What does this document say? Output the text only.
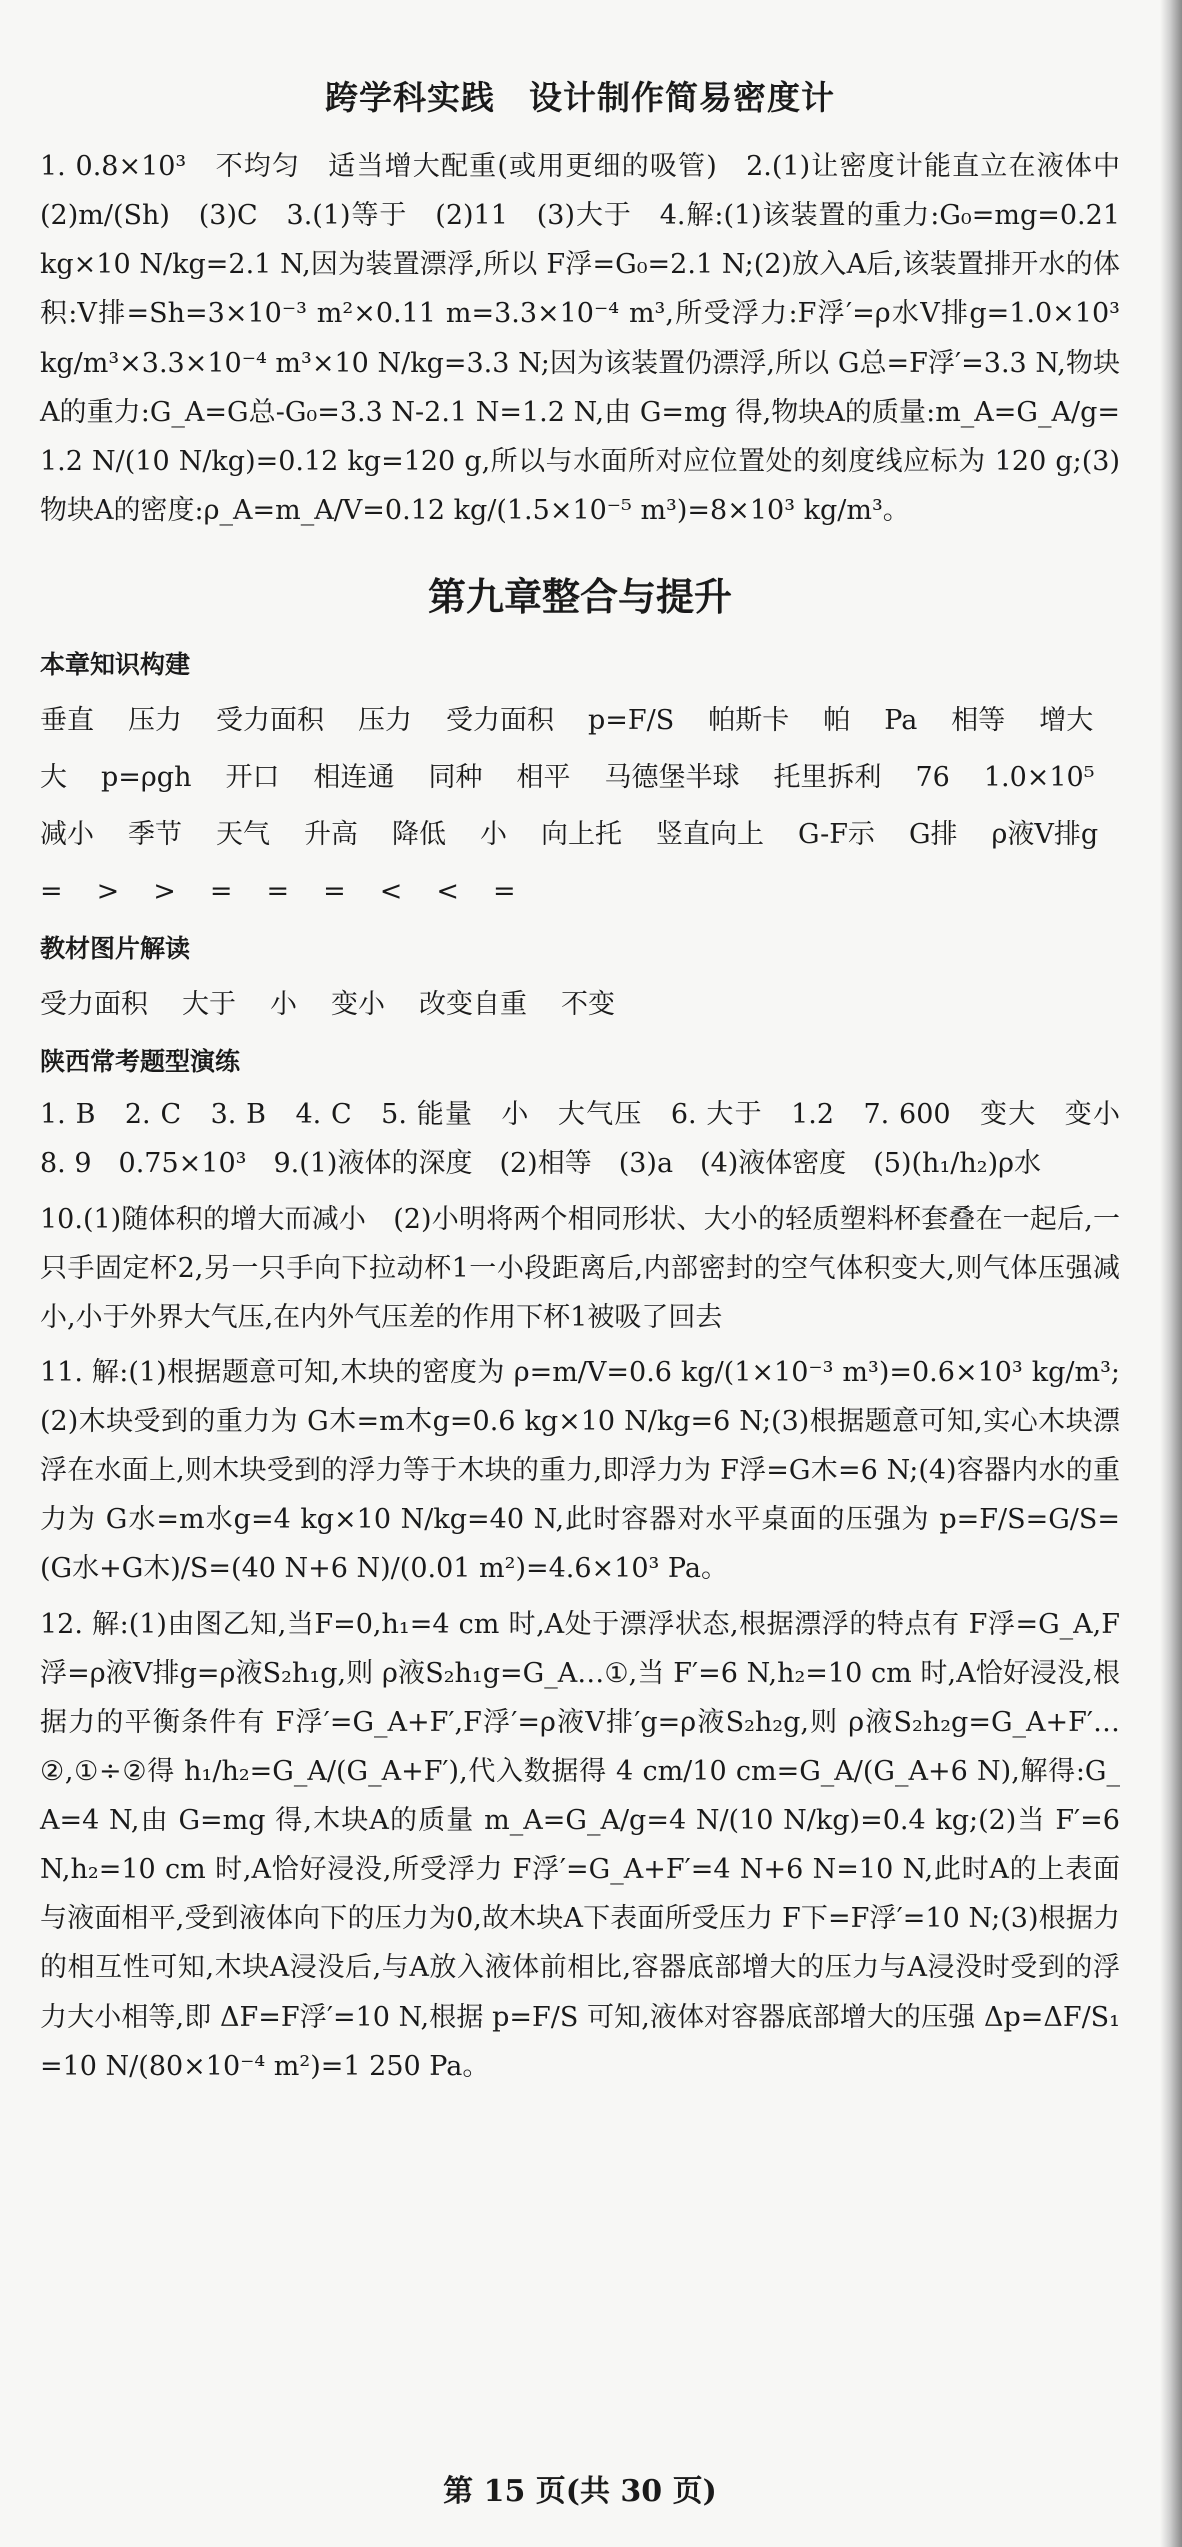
跨学科实践　设计制作简易密度计

1. 0.8×10³　不均匀　适当增大配重(或用更细的吸管)　2.(1)让密度计能直立在液体中　(2)m/(Sh)　(3)C　3.(1)等于　(2)11　(3)大于　4.解:(1)该装置的重力:G₀=mg=0.21 kg×10 N/kg=2.1 N,因为装置漂浮,所以 F浮=G₀=2.1 N;(2)放入A后,该装置排开水的体积:V排=Sh=3×10⁻³ m²×0.11 m=3.3×10⁻⁴ m³,所受浮力:F浮′=ρ水V排g=1.0×10³ kg/m³×3.3×10⁻⁴ m³×10 N/kg=3.3 N;因为该装置仍漂浮,所以 G总=F浮′=3.3 N,物块A的重力:G_A=G总-G₀=3.3 N-2.1 N=1.2 N,由 G=mg 得,物块A的质量:m_A=G_A/g=1.2 N/(10 N/kg)=0.12 kg=120 g,所以与水面所对应位置处的刻度线应标为 120 g;(3)物块A的密度:ρ_A=m_A/V=0.12 kg/(1.5×10⁻⁵ m³)=8×10³ kg/m³。

第九章整合与提升
本章知识构建
垂直 压力 受力面积 压力 受力面积 p=F/S 帕斯卡 帕 Pa 相等 增大
大 p=ρgh 开口 相连通 同种 相平 马德堡半球 托里拆利 76 1.0×10⁵
减小 季节 天气 升高 降低 小 向上托 竖直向上 G-F示 G排 ρ液V排g
= > > = = = < < =
教材图片解读
受力面积 大于 小 变小 改变自重 不变
陕西常考题型演练

1. B　2. C　3. B　4. C　5. 能量　小　大气压　6. 大于　1.2　7. 600　变大　变小　8. 9　0.75×10³　9.(1)液体的深度　(2)相等　(3)a　(4)液体密度　(5)(h₁/h₂)ρ水

10.(1)随体积的增大而减小　(2)小明将两个相同形状、大小的轻质塑料杯套叠在一起后,一只手固定杯2,另一只手向下拉动杯1一小段距离后,内部密封的空气体积变大,则气体压强减小,小于外界大气压,在内外气压差的作用下杯1被吸了回去

11. 解:(1)根据题意可知,木块的密度为 ρ=m/V=0.6 kg/(1×10⁻³ m³)=0.6×10³ kg/m³;(2)木块受到的重力为 G木=m木g=0.6 kg×10 N/kg=6 N;(3)根据题意可知,实心木块漂浮在水面上,则木块受到的浮力等于木块的重力,即浮力为 F浮=G木=6 N;(4)容器内水的重力为 G水=m水g=4 kg×10 N/kg=40 N,此时容器对水平桌面的压强为 p=F/S=G/S=(G水+G木)/S=(40 N+6 N)/(0.01 m²)=4.6×10³ Pa。

12. 解:(1)由图乙知,当F=0,h₁=4 cm 时,A处于漂浮状态,根据漂浮的特点有 F浮=G_A,F浮=ρ液V排g=ρ液S₂h₁g,则 ρ液S₂h₁g=G_A…①,当 F′=6 N,h₂=10 cm 时,A恰好浸没,根据力的平衡条件有 F浮′=G_A+F′,F浮′=ρ液V排′g=ρ液S₂h₂g,则 ρ液S₂h₂g=G_A+F′…②,①÷②得 h₁/h₂=G_A/(G_A+F′),代入数据得 4 cm/10 cm=G_A/(G_A+6 N),解得:G_A=4 N,由 G=mg 得,木块A的质量 m_A=G_A/g=4 N/(10 N/kg)=0.4 kg;(2)当 F′=6 N,h₂=10 cm 时,A恰好浸没,所受浮力 F浮′=G_A+F′=4 N+6 N=10 N,此时A的上表面与液面相平,受到液体向下的压力为0,故木块A下表面所受压力 F下=F浮′=10 N;(3)根据力的相互性可知,木块A浸没后,与A放入液体前相比,容器底部增大的压力与A浸没时受到的浮力大小相等,即 ΔF=F浮′=10 N,根据 p=F/S 可知,液体对容器底部增大的压强 Δp=ΔF/S₁=10 N/(80×10⁻⁴ m²)=1 250 Pa。

第 15 页(共 30 页)
